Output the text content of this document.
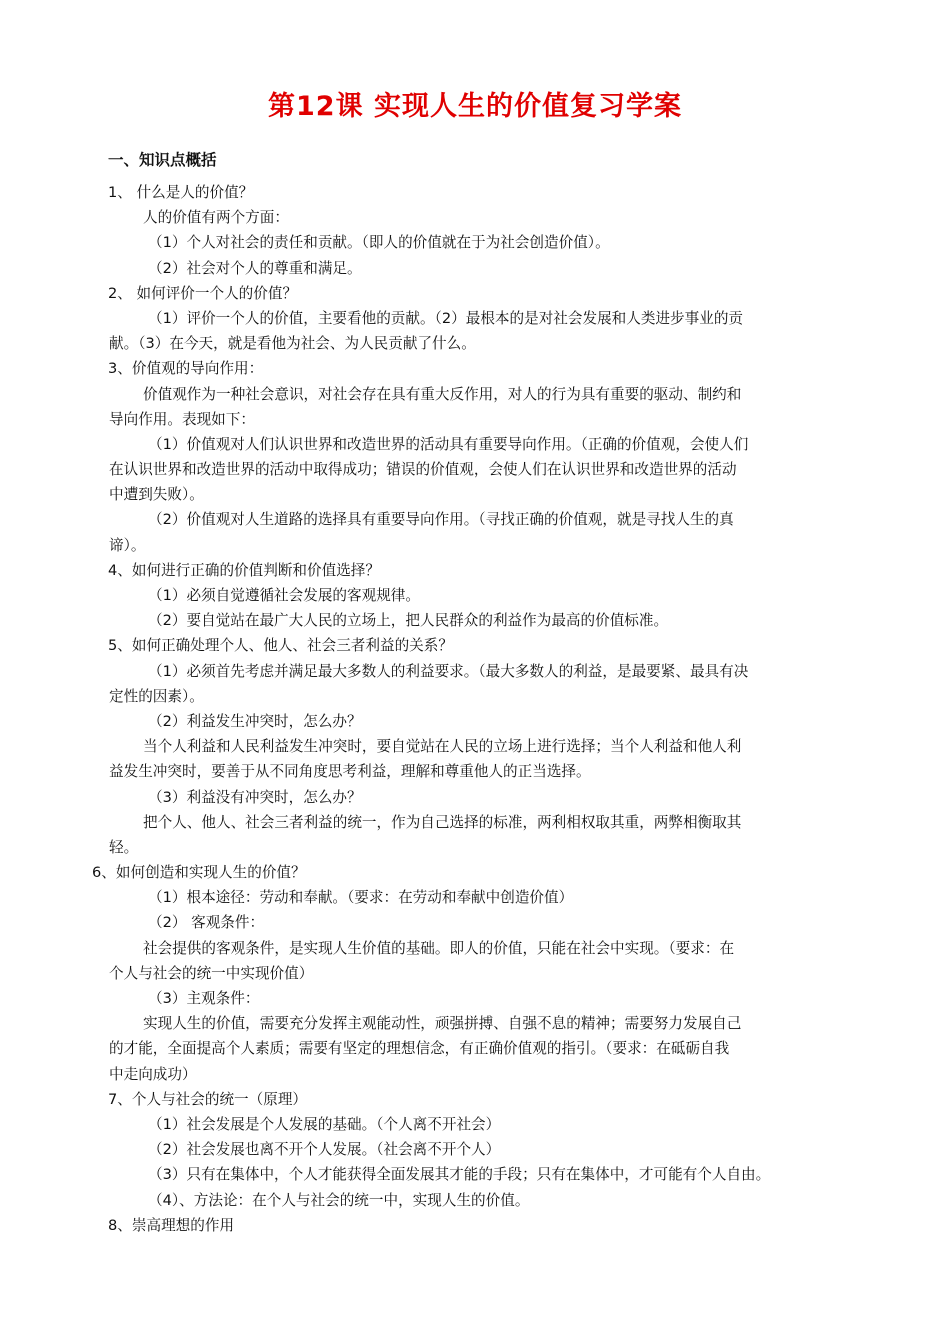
第12课 实现人生的价值复习学案
一、知识点概括
1、 什么是人的价值？
人的价值有两个方面：
（1）个人对社会的责任和贡献。（即人的价值就在于为社会创造价值）。
（2）社会对个人的尊重和满足。
2、 如何评价一个人的价值？
（1）评价一个人的价值，主要看他的贡献。（2）最根本的是对社会发展和人类进步事业的贡
献。（3）在今天，就是看他为社会、为人民贡献了什么。
3、价值观的导向作用：
价值观作为一种社会意识，对社会存在具有重大反作用，对人的行为具有重要的驱动、制约和
导向作用。表现如下：
（1）价值观对人们认识世界和改造世界的活动具有重要导向作用。（正确的价值观，会使人们
在认识世界和改造世界的活动中取得成功；错误的价值观，会使人们在认识世界和改造世界的活动
中遭到失败）。
（2）价值观对人生道路的选择具有重要导向作用。（寻找正确的价值观，就是寻找人生的真
谛）。
4、如何进行正确的价值判断和价值选择？
（1）必须自觉遵循社会发展的客观规律。
（2）要自觉站在最广大人民的立场上，把人民群众的利益作为最高的价值标准。
5、如何正确处理个人、他人、社会三者利益的关系？
（1）必须首先考虑并满足最大多数人的利益要求。（最大多数人的利益，是最要紧、最具有决
定性的因素）。
（2）利益发生冲突时，怎么办？
当个人利益和人民利益发生冲突时，要自觉站在人民的立场上进行选择；当个人利益和他人利
益发生冲突时，要善于从不同角度思考利益，理解和尊重他人的正当选择。
（3）利益没有冲突时，怎么办？
把个人、他人、社会三者利益的统一，作为自己选择的标准，两利相权取其重，两弊相衡取其
轻。
6、如何创造和实现人生的价值？
（1）根本途径：劳动和奉献。（要求：在劳动和奉献中创造价值）
（2） 客观条件：
社会提供的客观条件，是实现人生价值的基础。即人的价值，只能在社会中实现。（要求：在
个人与社会的统一中实现价值）
（3）主观条件：
实现人生的价值，需要充分发挥主观能动性，顽强拼搏、自强不息的精神；需要努力发展自己
的才能，全面提高个人素质；需要有坚定的理想信念，有正确价值观的指引。（要求：在砥砺自我
中走向成功）
7、个人与社会的统一（原理）
（1）社会发展是个人发展的基础。（个人离不开社会）
（2）社会发展也离不开个人发展。（社会离不开个人）
（3）只有在集体中，个人才能获得全面发展其才能的手段；只有在集体中，才可能有个人自由。
（4）、方法论：在个人与社会的统一中，实现人生的价值。
8、崇高理想的作用
